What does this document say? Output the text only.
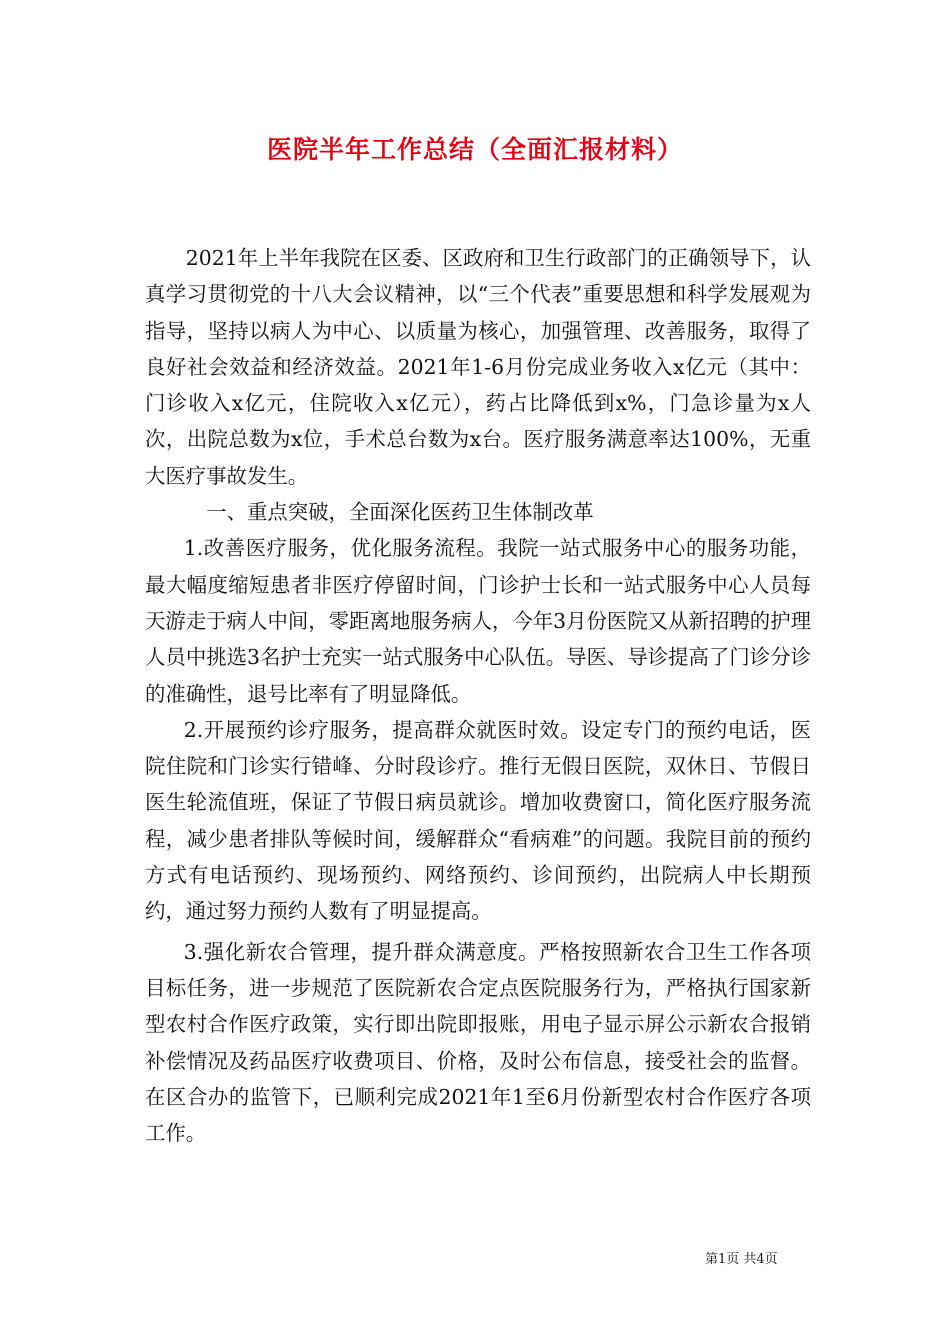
医院半年工作总结（全面汇报材料）

2021年上半年我院在区委、区政府和卫生行政部门的正确领导下，认真学习贯彻党的十八大会议精神，以“三个代表”重要思想和科学发展观为指导，坚持以病人为中心、以质量为核心，加强管理、改善服务，取得了良好社会效益和经济效益。2021年1-6月份完成业务收入x亿元（其中：门诊收入x亿元，住院收入x亿元），药占比降低到x%，门急诊量为x人次，出院总数为x位，手术总台数为x台。医疗服务满意率达100%，无重大医疗事故发生。

一、重点突破，全面深化医药卫生体制改革

1.改善医疗服务，优化服务流程。我院一站式服务中心的服务功能，最大幅度缩短患者非医疗停留时间，门诊护士长和一站式服务中心人员每天游走于病人中间，零距离地服务病人，今年3月份医院又从新招聘的护理人员中挑选3名护士充实一站式服务中心队伍。导医、导诊提高了门诊分诊的准确性，退号比率有了明显降低。

2.开展预约诊疗服务，提高群众就医时效。设定专门的预约电话，医院住院和门诊实行错峰、分时段诊疗。推行无假日医院，双休日、节假日医生轮流值班，保证了节假日病员就诊。增加收费窗口，简化医疗服务流程，减少患者排队等候时间，缓解群众“看病难”的问题。我院目前的预约方式有电话预约、现场预约、网络预约、诊间预约，出院病人中长期预约，通过努力预约人数有了明显提高。

3.强化新农合管理，提升群众满意度。严格按照新农合卫生工作各项目标任务，进一步规范了医院新农合定点医院服务行为，严格执行国家新型农村合作医疗政策，实行即出院即报账，用电子显示屏公示新农合报销补偿情况及药品医疗收费项目、价格，及时公布信息，接受社会的监督。在区合办的监管下，已顺利完成2021年1至6月份新型农村合作医疗各项工作。

第1页 共4页
